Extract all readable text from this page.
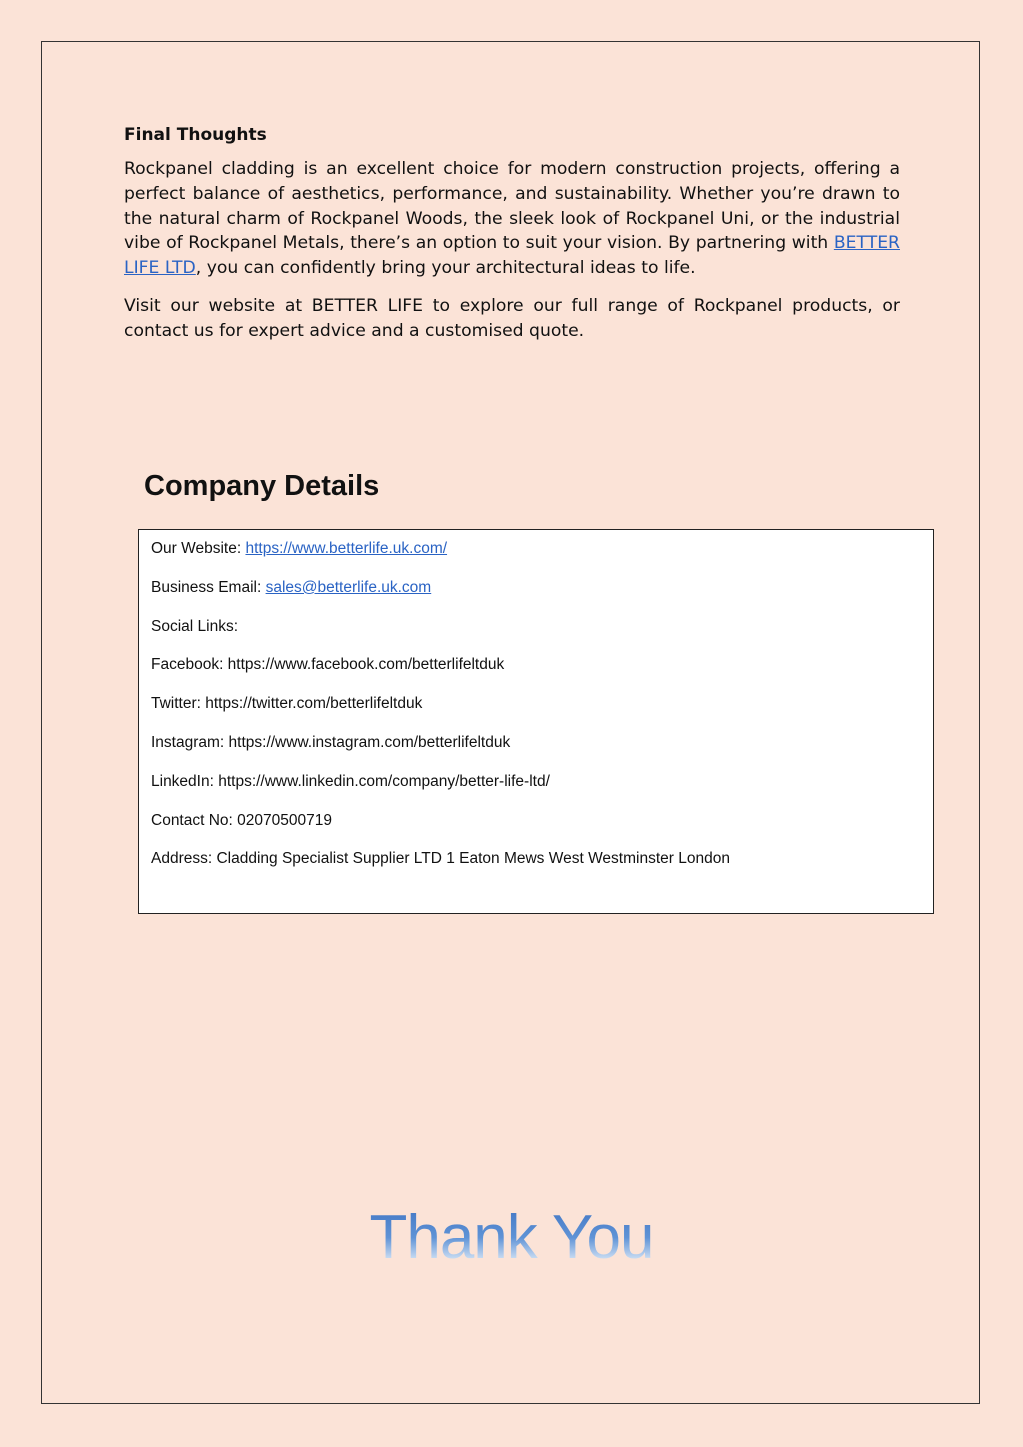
Final Thoughts

Rockpanel cladding is an excellent choice for modern construction projects, offering a perfect balance of aesthetics, performance, and sustainability. Whether you’re drawn to the natural charm of Rockpanel Woods, the sleek look of Rockpanel Uni, or the industrial vibe of Rockpanel Metals, there’s an option to suit your vision. By partnering with BETTER LIFE LTD, you can confidently bring your architectural ideas to life.

Visit our website at BETTER LIFE to explore our full range of Rockpanel products, or contact us for expert advice and a customised quote.

Company Details
Our Website: https://www.betterlife.uk.com/
Business Email: sales@betterlife.uk.com
Social Links:
Facebook: https://www.facebook.com/betterlifeltduk
Twitter: https://twitter.com/betterlifeltduk
Instagram: https://www.instagram.com/betterlifeltduk
LinkedIn: https://www.linkedin.com/company/better-life-ltd/
Contact No: 02070500719
Address: Cladding Specialist Supplier LTD 1 Eaton Mews West Westminster London
Thank You
